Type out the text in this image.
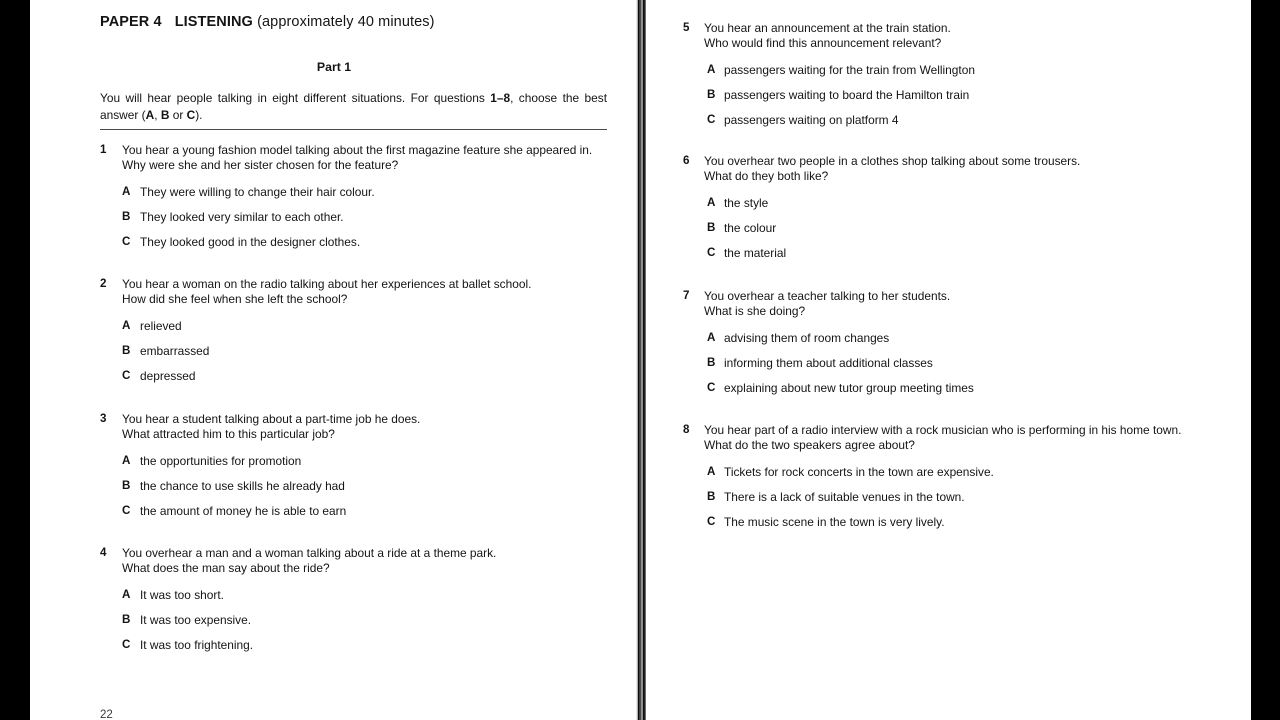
PAPER 4 LISTENING (approximately 40 minutes)
Part 1
You will hear people talking in eight different situations. For questions 1–8, choose the best answer (A, B or C).
1 You hear a young fashion model talking about the first magazine feature she appeared in.
Why were she and her sister chosen for the feature?
A They were willing to change their hair colour.
B They looked very similar to each other.
C They looked good in the designer clothes.
2 You hear a woman on the radio talking about her experiences at ballet school.
How did she feel when she left the school?
A relieved
B embarrassed
C depressed
3 You hear a student talking about a part-time job he does.
What attracted him to this particular job?
A the opportunities for promotion
B the chance to use skills he already had
C the amount of money he is able to earn
4 You overhear a man and a woman talking about a ride at a theme park.
What does the man say about the ride?
A It was too short.
B It was too expensive.
C It was too frightening.
22
5 You hear an announcement at the train station.
Who would find this announcement relevant?
A passengers waiting for the train from Wellington
B passengers waiting to board the Hamilton train
C passengers waiting on platform 4
6 You overhear two people in a clothes shop talking about some trousers.
What do they both like?
A the style
B the colour
C the material
7 You overhear a teacher talking to her students.
What is she doing?
A advising them of room changes
B informing them about additional classes
C explaining about new tutor group meeting times
8 You hear part of a radio interview with a rock musician who is performing in his home town.
What do the two speakers agree about?
A Tickets for rock concerts in the town are expensive.
B There is a lack of suitable venues in the town.
C The music scene in the town is very lively.
